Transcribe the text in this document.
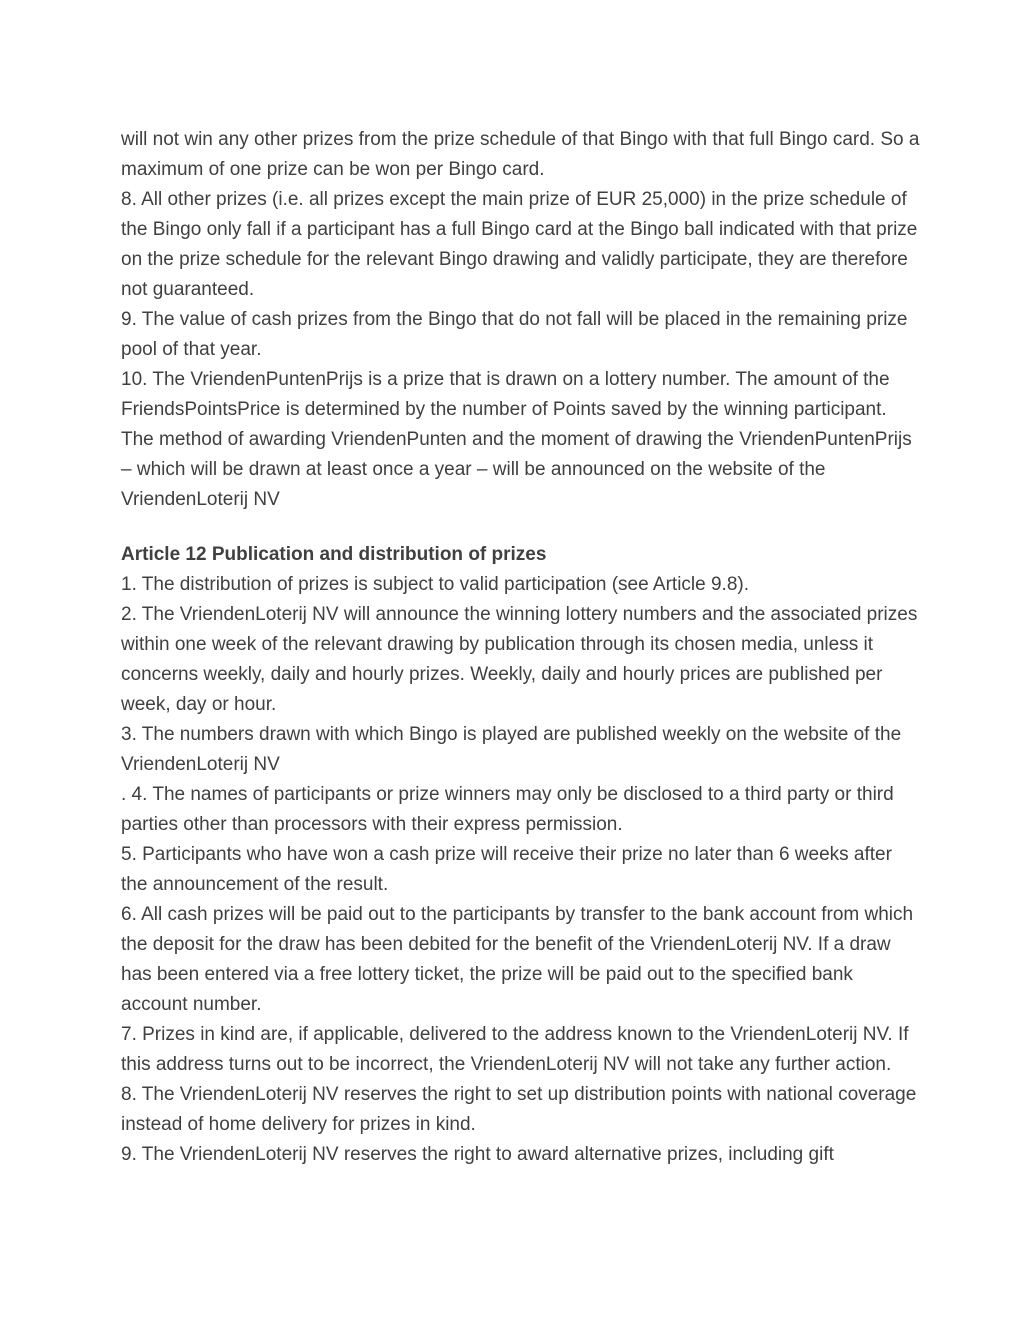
will not win any other prizes from the prize schedule of that Bingo with that full Bingo card. So a maximum of one prize can be won per Bingo card.

8. All other prizes (i.e. all prizes except the main prize of EUR 25,000) in the prize schedule of the Bingo only fall if a participant has a full Bingo card at the Bingo ball indicated with that prize on the prize schedule for the relevant Bingo drawing and validly participate, they are therefore not guaranteed.

9. The value of cash prizes from the Bingo that do not fall will be placed in the remaining prize pool of that year.

10. The VriendenPuntenPrijs is a prize that is drawn on a lottery number. The amount of the FriendsPointsPrice is determined by the number of Points saved by the winning participant. The method of awarding VriendenPunten and the moment of drawing the VriendenPuntenPrijs – which will be drawn at least once a year – will be announced on the website of the VriendenLoterij NV

Article 12 Publication and distribution of prizes

1. The distribution of prizes is subject to valid participation (see Article 9.8).

2. The VriendenLoterij NV will announce the winning lottery numbers and the associated prizes within one week of the relevant drawing by publication through its chosen media, unless it concerns weekly, daily and hourly prizes. Weekly, daily and hourly prices are published per week, day or hour.

3. The numbers drawn with which Bingo is played are published weekly on the website of the VriendenLoterij NV

. 4. The names of participants or prize winners may only be disclosed to a third party or third parties other than processors with their express permission.

5. Participants who have won a cash prize will receive their prize no later than 6 weeks after the announcement of the result.

6. All cash prizes will be paid out to the participants by transfer to the bank account from which the deposit for the draw has been debited for the benefit of the VriendenLoterij NV. If a draw has been entered via a free lottery ticket, the prize will be paid out to the specified bank account number.

7. Prizes in kind are, if applicable, delivered to the address known to the VriendenLoterij NV. If this address turns out to be incorrect, the VriendenLoterij NV will not take any further action.

8. The VriendenLoterij NV reserves the right to set up distribution points with national coverage instead of home delivery for prizes in kind.

9. The VriendenLoterij NV reserves the right to award alternative prizes, including gift
